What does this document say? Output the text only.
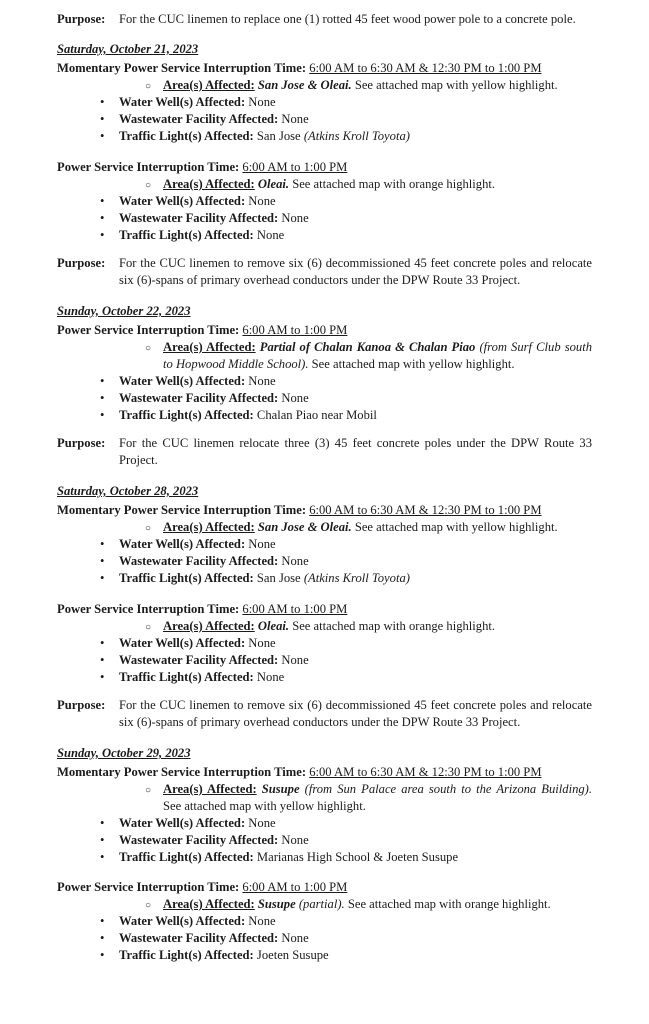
Purpose: For the CUC linemen to replace one (1) rotted 45 feet wood power pole to a concrete pole.
Saturday, October 21, 2023
Momentary Power Service Interruption Time: 6:00 AM to 6:30 AM & 12:30 PM to 1:00 PM
○ Area(s) Affected: San Jose & Oleai. See attached map with yellow highlight.
• Water Well(s) Affected: None
• Wastewater Facility Affected: None
• Traffic Light(s) Affected: San Jose (Atkins Kroll Toyota)
Power Service Interruption Time: 6:00 AM to 1:00 PM
○ Area(s) Affected: Oleai. See attached map with orange highlight.
• Water Well(s) Affected: None
• Wastewater Facility Affected: None
• Traffic Light(s) Affected: None
Purpose: For the CUC linemen to remove six (6) decommissioned 45 feet concrete poles and relocate six (6)-spans of primary overhead conductors under the DPW Route 33 Project.
Sunday, October 22, 2023
Power Service Interruption Time: 6:00 AM to 1:00 PM
○ Area(s) Affected: Partial of Chalan Kanoa & Chalan Piao (from Surf Club south to Hopwood Middle School). See attached map with yellow highlight.
• Water Well(s) Affected: None
• Wastewater Facility Affected: None
• Traffic Light(s) Affected: Chalan Piao near Mobil
Purpose: For the CUC linemen relocate three (3) 45 feet concrete poles under the DPW Route 33 Project.
Saturday, October 28, 2023
Momentary Power Service Interruption Time: 6:00 AM to 6:30 AM & 12:30 PM to 1:00 PM
○ Area(s) Affected: San Jose & Oleai. See attached map with yellow highlight.
• Water Well(s) Affected: None
• Wastewater Facility Affected: None
• Traffic Light(s) Affected: San Jose (Atkins Kroll Toyota)
Power Service Interruption Time: 6:00 AM to 1:00 PM
○ Area(s) Affected: Oleai. See attached map with orange highlight.
• Water Well(s) Affected: None
• Wastewater Facility Affected: None
• Traffic Light(s) Affected: None
Purpose: For the CUC linemen to remove six (6) decommissioned 45 feet concrete poles and relocate six (6)-spans of primary overhead conductors under the DPW Route 33 Project.
Sunday, October 29, 2023
Momentary Power Service Interruption Time: 6:00 AM to 6:30 AM & 12:30 PM to 1:00 PM
○ Area(s) Affected: Susupe (from Sun Palace area south to the Arizona Building). See attached map with yellow highlight.
• Water Well(s) Affected: None
• Wastewater Facility Affected: None
• Traffic Light(s) Affected: Marianas High School & Joeten Susupe
Power Service Interruption Time: 6:00 AM to 1:00 PM
○ Area(s) Affected: Susupe (partial). See attached map with orange highlight.
• Water Well(s) Affected: None
• Wastewater Facility Affected: None
• Traffic Light(s) Affected: Joeten Susupe
